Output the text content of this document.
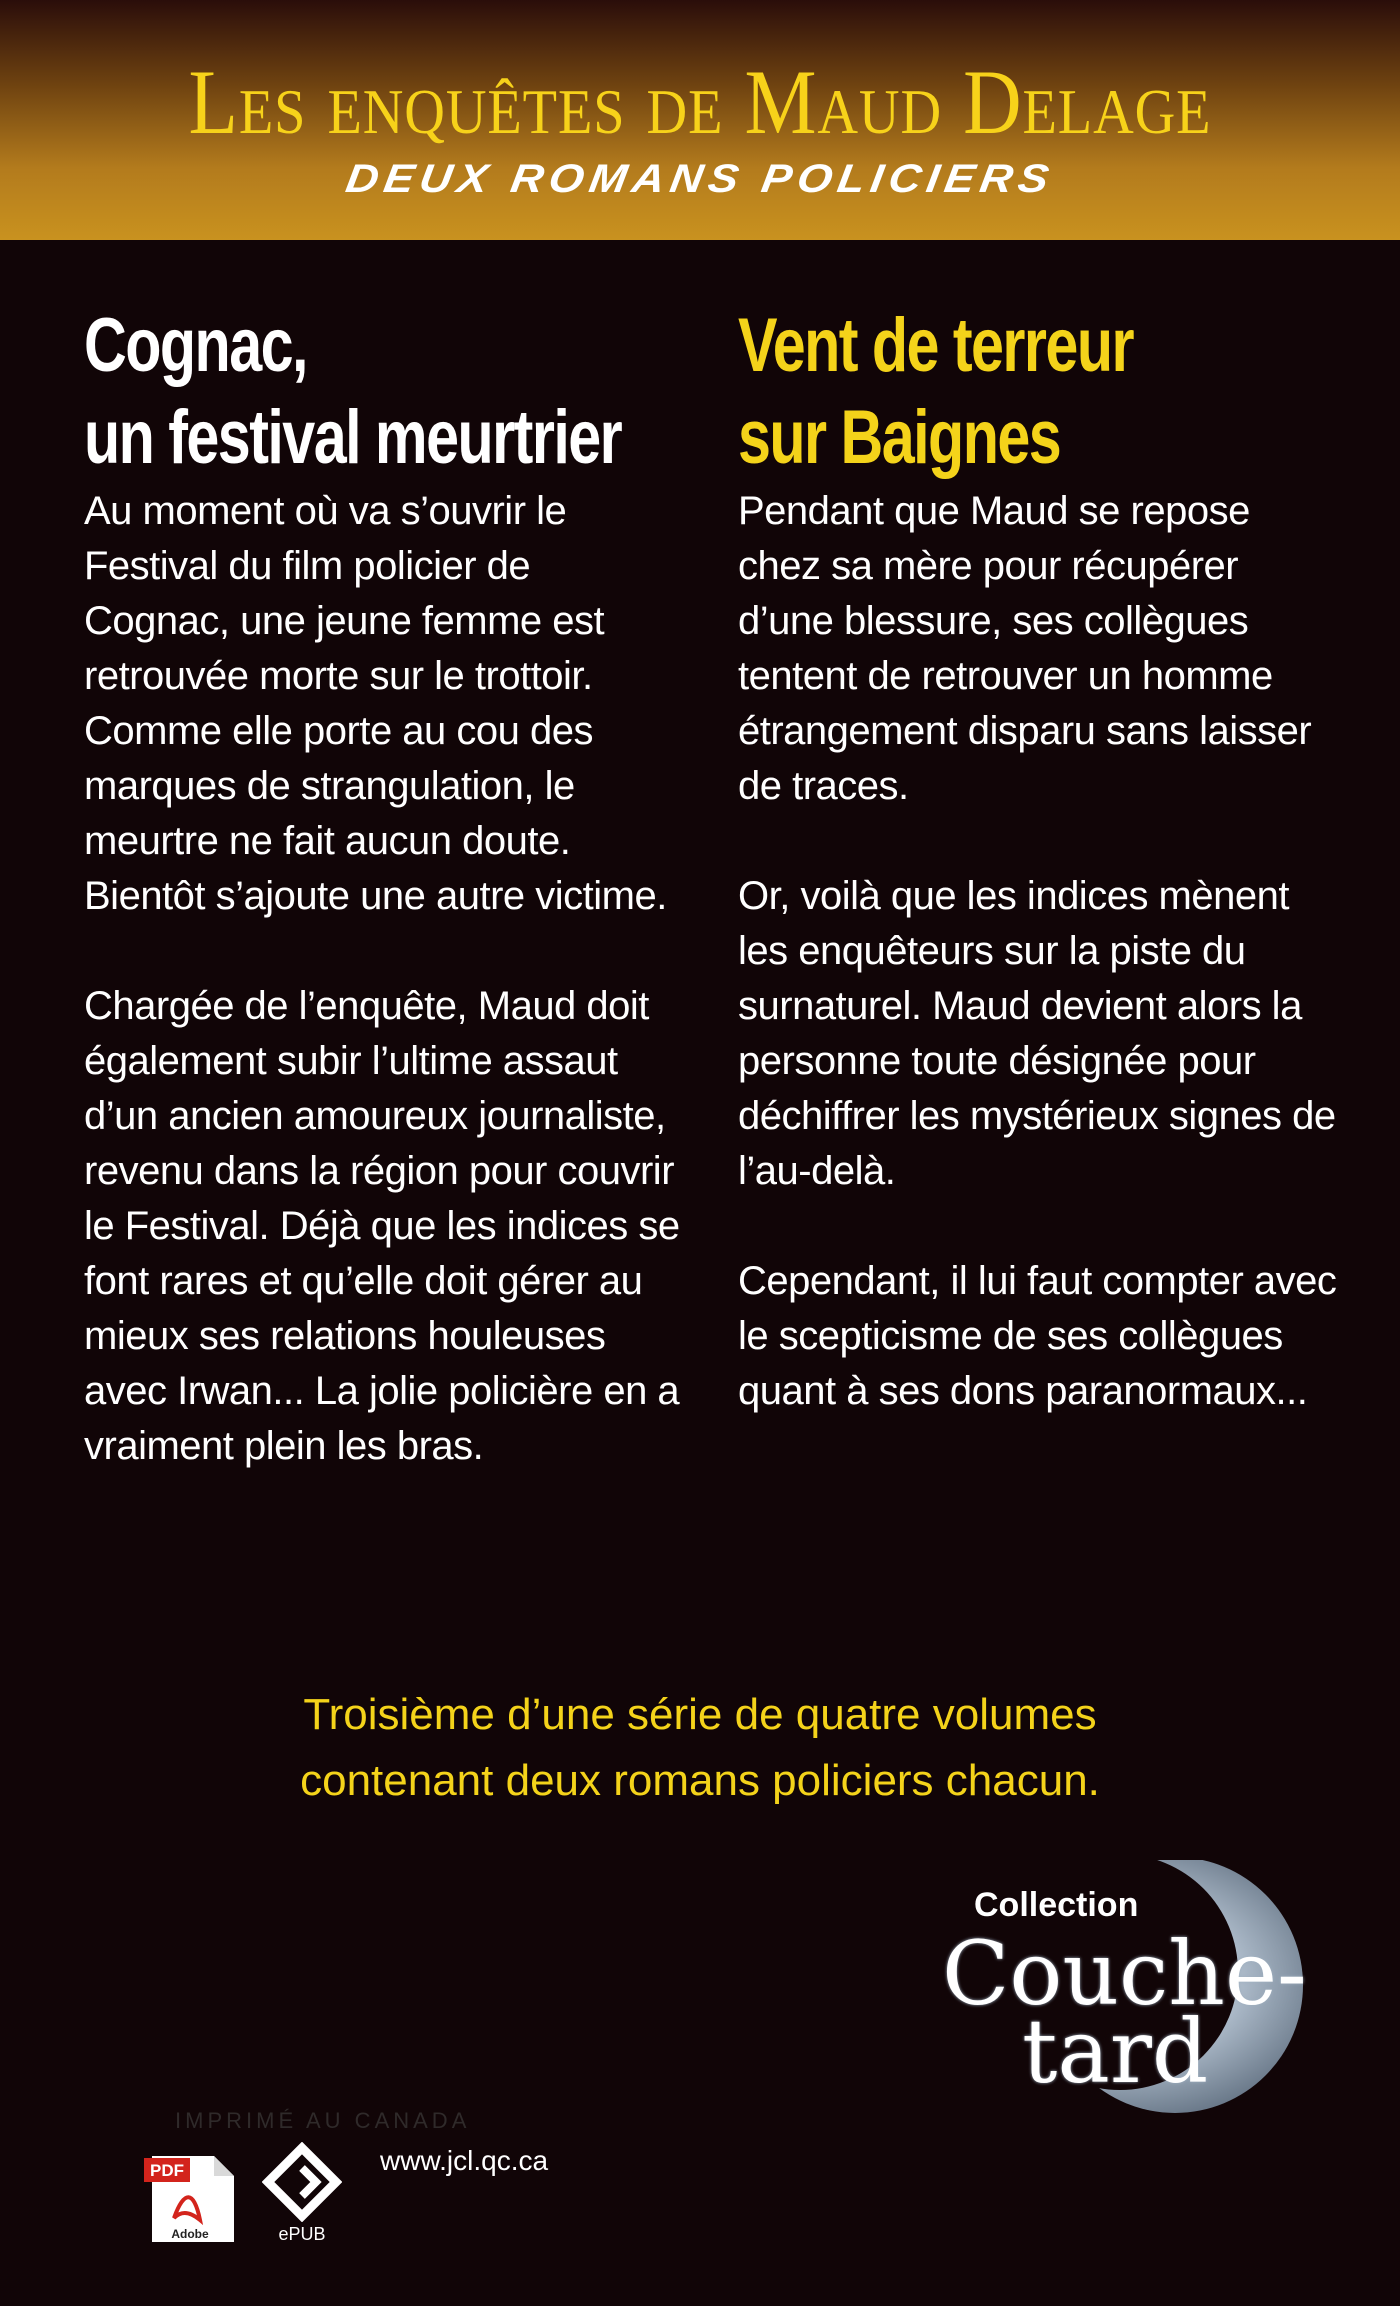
Les enquêtes de Maud Delage
DEUX ROMANS POLICIERS
Cognac,
un festival meurtrier

Au moment où va s’ouvrir le Festival du film policier de Cognac, une jeune femme est retrouvée morte sur le trottoir. Comme elle porte au cou des marques de strangulation, le meurtre ne fait aucun doute. Bientôt s’ajoute une autre victime.

Chargée de l’enquête, Maud doit également subir l’ultime assaut d’un ancien amoureux journaliste, revenu dans la région pour couvrir le Festival. Déjà que les indices se font rares et qu’elle doit gérer au mieux ses relations houleuses avec Irwan... La jolie policière en a vraiment plein les bras.

Vent de terreur
sur Baignes

Pendant que Maud se repose chez sa mère pour récupérer d’une blessure, ses collègues tentent de retrouver un homme étrangement disparu sans laisser de traces.

Or, voilà que les indices mènent les enquêteurs sur la piste du surnaturel. Maud devient alors la personne toute désignée pour déchiffrer les mystérieux signes de l’au-delà.

Cependant, il lui faut compter avec le scepticisme de ses collègues quant à ses dons paranormaux...

Troisième d’une série de quatre volumes
contenant deux romans policiers chacun.
Collection
Couche-
tard
IMPRIMÉ AU CANADA
PDF
Adobe	ePUB
www.jcl.qc.ca
